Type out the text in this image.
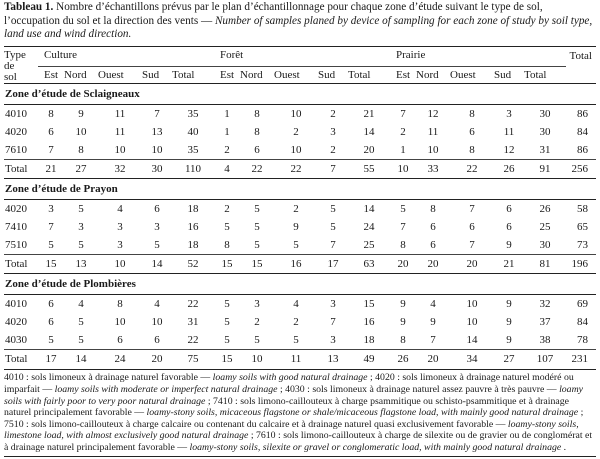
Tableau 1. Nombre d’échantillons prévus par le plan d’échantillonnage pour chaque zone d’étude suivant le type de sol, l’occupation du sol et la direction des vents — Number of samples planed by device of sampling for each zone of study by soil type, land use and wind direction.

Type
de
sol	Culture					Forêt					Prairie					Total
	Est	Nord	Ouest	Sud	Total	Est	Nord	Ouest	Sud	Total	Est	Nord	Ouest	Sud	Total	
Zone d’étude de Sclaigneaux																
4010	8	9	11	7	35	1	8	10	2	21	7	12	8	3	30	86
4020	6	10	11	13	40	1	8	2	3	14	2	11	6	11	30	84
7610	7	8	10	10	35	2	6	10	2	20	1	10	8	12	31	86
Total	21	27	32	30	110	4	22	22	7	55	10	33	22	26	91	256
Zone d’étude de Prayon																
4020	3	5	4	6	18	2	5	2	5	14	5	8	7	6	26	58
7410	7	3	3	3	16	5	5	9	5	24	7	6	6	6	25	65
7510	5	5	3	5	18	8	5	5	7	25	8	6	7	9	30	73
Total	15	13	10	14	52	15	15	16	17	63	20	20	20	21	81	196
Zone d’étude de Plombières																
4010	6	4	8	4	22	5	3	4	3	15	9	4	10	9	32	69
4020	6	5	10	10	31	5	2	2	7	16	9	9	10	9	37	84
4030	5	5	6	6	22	5	5	5	3	18	8	7	14	9	38	78
Total	17	14	24	20	75	15	10	11	13	49	26	20	34	27	107	231
4010 : sols limoneux à drainage naturel favorable — loamy soils with good natural drainage ; 4020 : sols limoneux à drainage naturel modéré ou imparfait — loamy soils with moderate or imperfect natural drainage ; 4030 : sols limoneux à drainage naturel assez pauvre à très pauvre — loamy soils with fairly poor to very poor natural drainage ; 7410 : sols limono-caillouteux à charge psammitique ou schisto-psammitique et à drainage naturel principalement favorable — loamy-stony soils, micaceous flagstone or shale/micaceous flagstone load, with mainly good natural drainage ; 7510 : sols limono-caillouteux à charge calcaire ou contenant du calcaire et à drainage naturel quasi exclusivement favorable — loamy-stony soils, limestone load, with almost exclusively good natural drainage ; 7610 : sols limono-caillouteux à charge de silexite ou de gravier ou de conglomérat et à drainage naturel principalement favorable — loamy-stony soils, silexite or gravel or conglomeratic load, with mainly good natural drainage .
